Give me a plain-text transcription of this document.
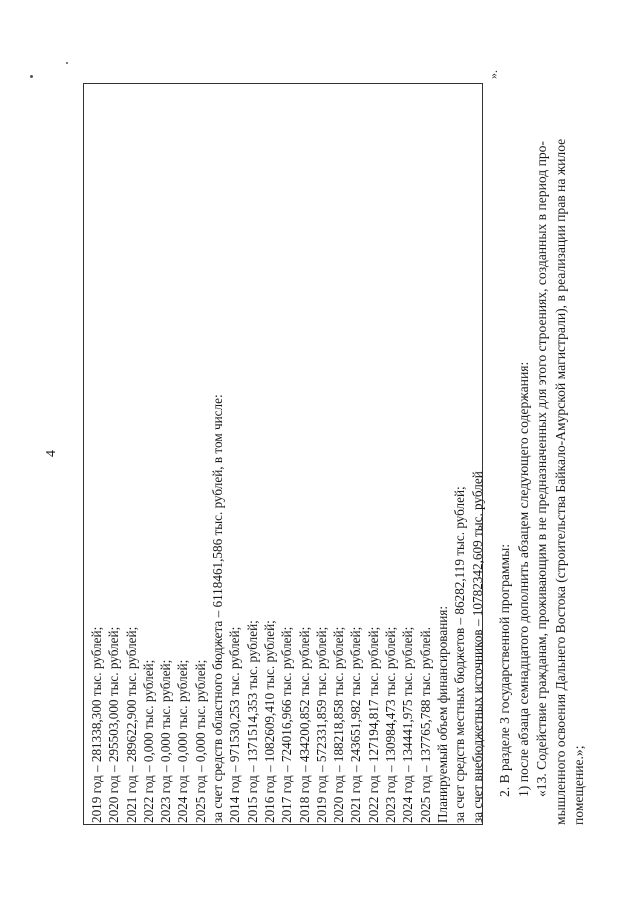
4
2019 год – 281338,300 тыс. рублей; 2020 год – 295503,000 тыс. рублей; 2021 год – 289622,900 тыс. рублей; 2022 год – 0,000 тыс. рублей; 2023 год – 0,000 тыс. рублей; 2024 год – 0,000 тыс. рублей; 2025 год – 0,000 тыс. рублей; за счет средств областного бюджета – 6118461,586 тыс. рублей, в том числе: 2014 год – 971530,253 тыс. рублей; 2015 год – 1371514,353 тыс. рублей; 2016 год – 1082609,410 тыс. рублей; 2017 год – 724016,966 тыс. рублей; 2018 год – 434200,852 тыс. рублей; 2019 год – 572331,859 тыс. рублей; 2020 год – 188218,858 тыс. рублей; 2021 год – 243651,982 тыс. рублей; 2022 год – 127194,817 тыс. рублей; 2023 год – 130984,473 тыс. рублей; 2024 год – 134441,975 тыс. рублей; 2025 год – 137765,788 тыс. рублей. Планируемый объем финансирования: за счет средств местных бюджетов – 86282,119 тыс. рублей; за счет внебюджетных источников – 10782342,609 тыс. рублей
».
2. В разделе 3 государственной программы: 1) после абзаца семнадцатого дополнить абзацем следующего содержания: «13. Содействие гражданам, проживающим в не предназначенных для этого строениях, созданных в период про- мышленного освоения Дальнего Востока (строительства Байкало-Амурской магистрали), в реализации прав на жилое помещение.»;
